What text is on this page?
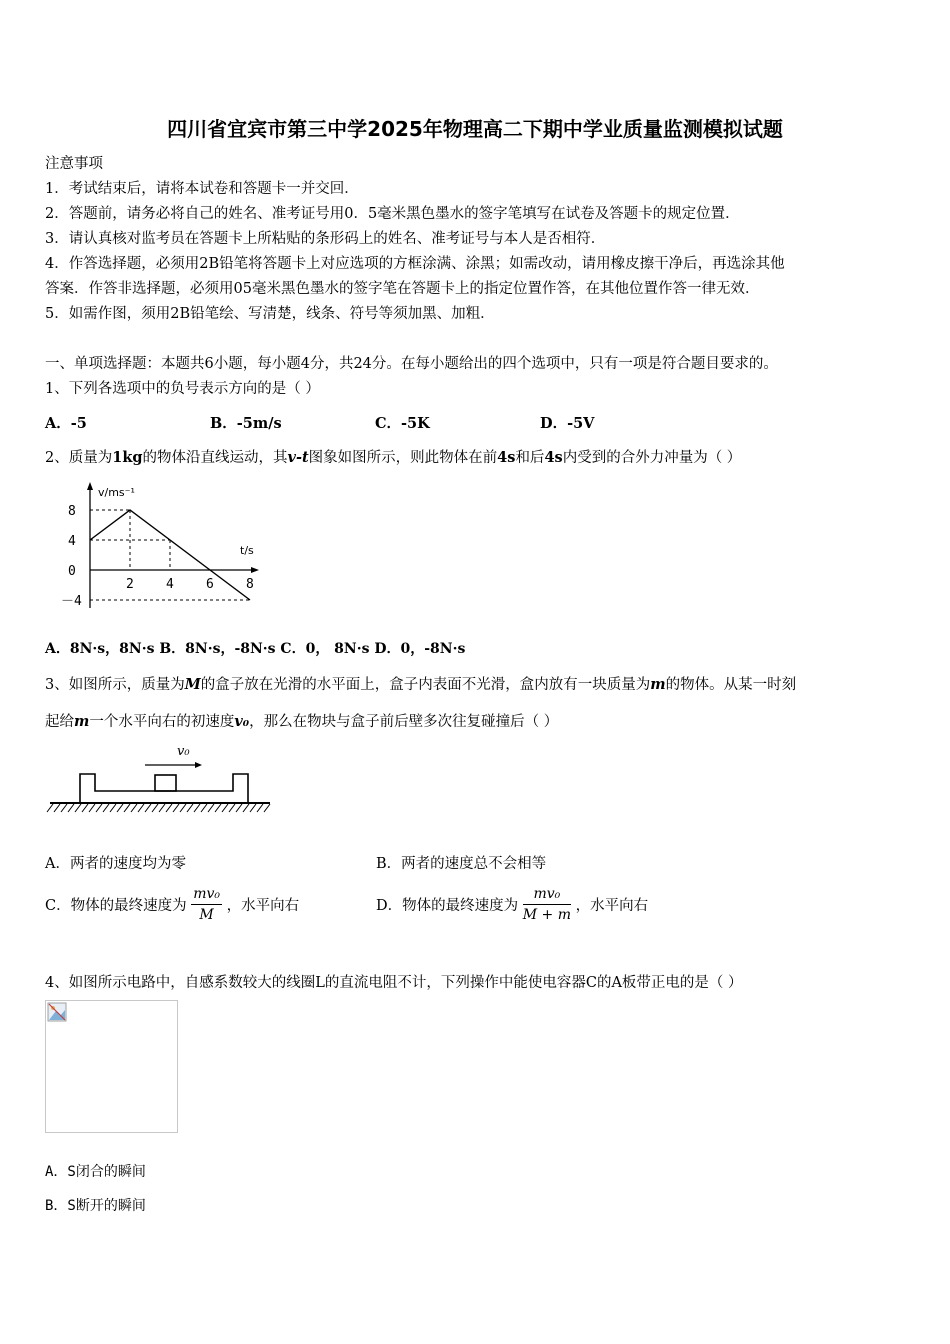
四川省宜宾市第三中学2025年物理高二下期中学业质量监测模拟试题
注意事项
1．考试结束后，请将本试卷和答题卡一并交回．
2．答题前，请务必将自己的姓名、准考证号用0．5毫米黑色墨水的签字笔填写在试卷及答题卡的规定位置．
3．请认真核对监考员在答题卡上所粘贴的条形码上的姓名、准考证号与本人是否相符．
4．作答选择题，必须用2B铅笔将答题卡上对应选项的方框涂满、涂黑；如需改动，请用橡皮擦干净后，再选涂其他
答案．作答非选择题，必须用05毫米黑色墨水的签字笔在答题卡上的指定位置作答，在其他位置作答一律无效．
5．如需作图，须用2B铅笔绘、写清楚，线条、符号等须加黑、加粗．
一、单项选择题：本题共6小题，每小题4分，共24分。在每小题给出的四个选项中，只有一项是符合题目要求的。
1、下列各选项中的负号表示方向的是（ ）
A．-5	B．-5m/s	C．-5K	D．-5V
2、质量为1kg的物体沿直线运动，其v-t图象如图所示，则此物体在前4s和后4s内受到的合外力冲量为（ ）
v/ms⁻¹
t/s
8
4
0
－4
2 4 6 8
A．8N·s，8N·s B．8N·s，-8N·s C．0， 8N·s D．0，-8N·s
3、如图所示，质量为M的盒子放在光滑的水平面上，盒子内表面不光滑，盒内放有一块质量为m的物体。从某一时刻
起给m一个水平向右的初速度v₀，那么在物块与盒子前后壁多次往复碰撞后（ ）
v₀
A．两者的速度均为零	B．两者的速度总不会相等
C．物体的最终速度为 $\frac{\text{mv₀}}{M}$ ，水平向右	D．物体的最终速度为 $\frac{\text{mv₀}}{M + m}$ ，水平向右
4、如图所示电路中，自感系数较大的线圈L的直流电阻不计，下列操作中能使电容器C的A板带正电的是（ ）
A．S闭合的瞬间
B．S断开的瞬间
